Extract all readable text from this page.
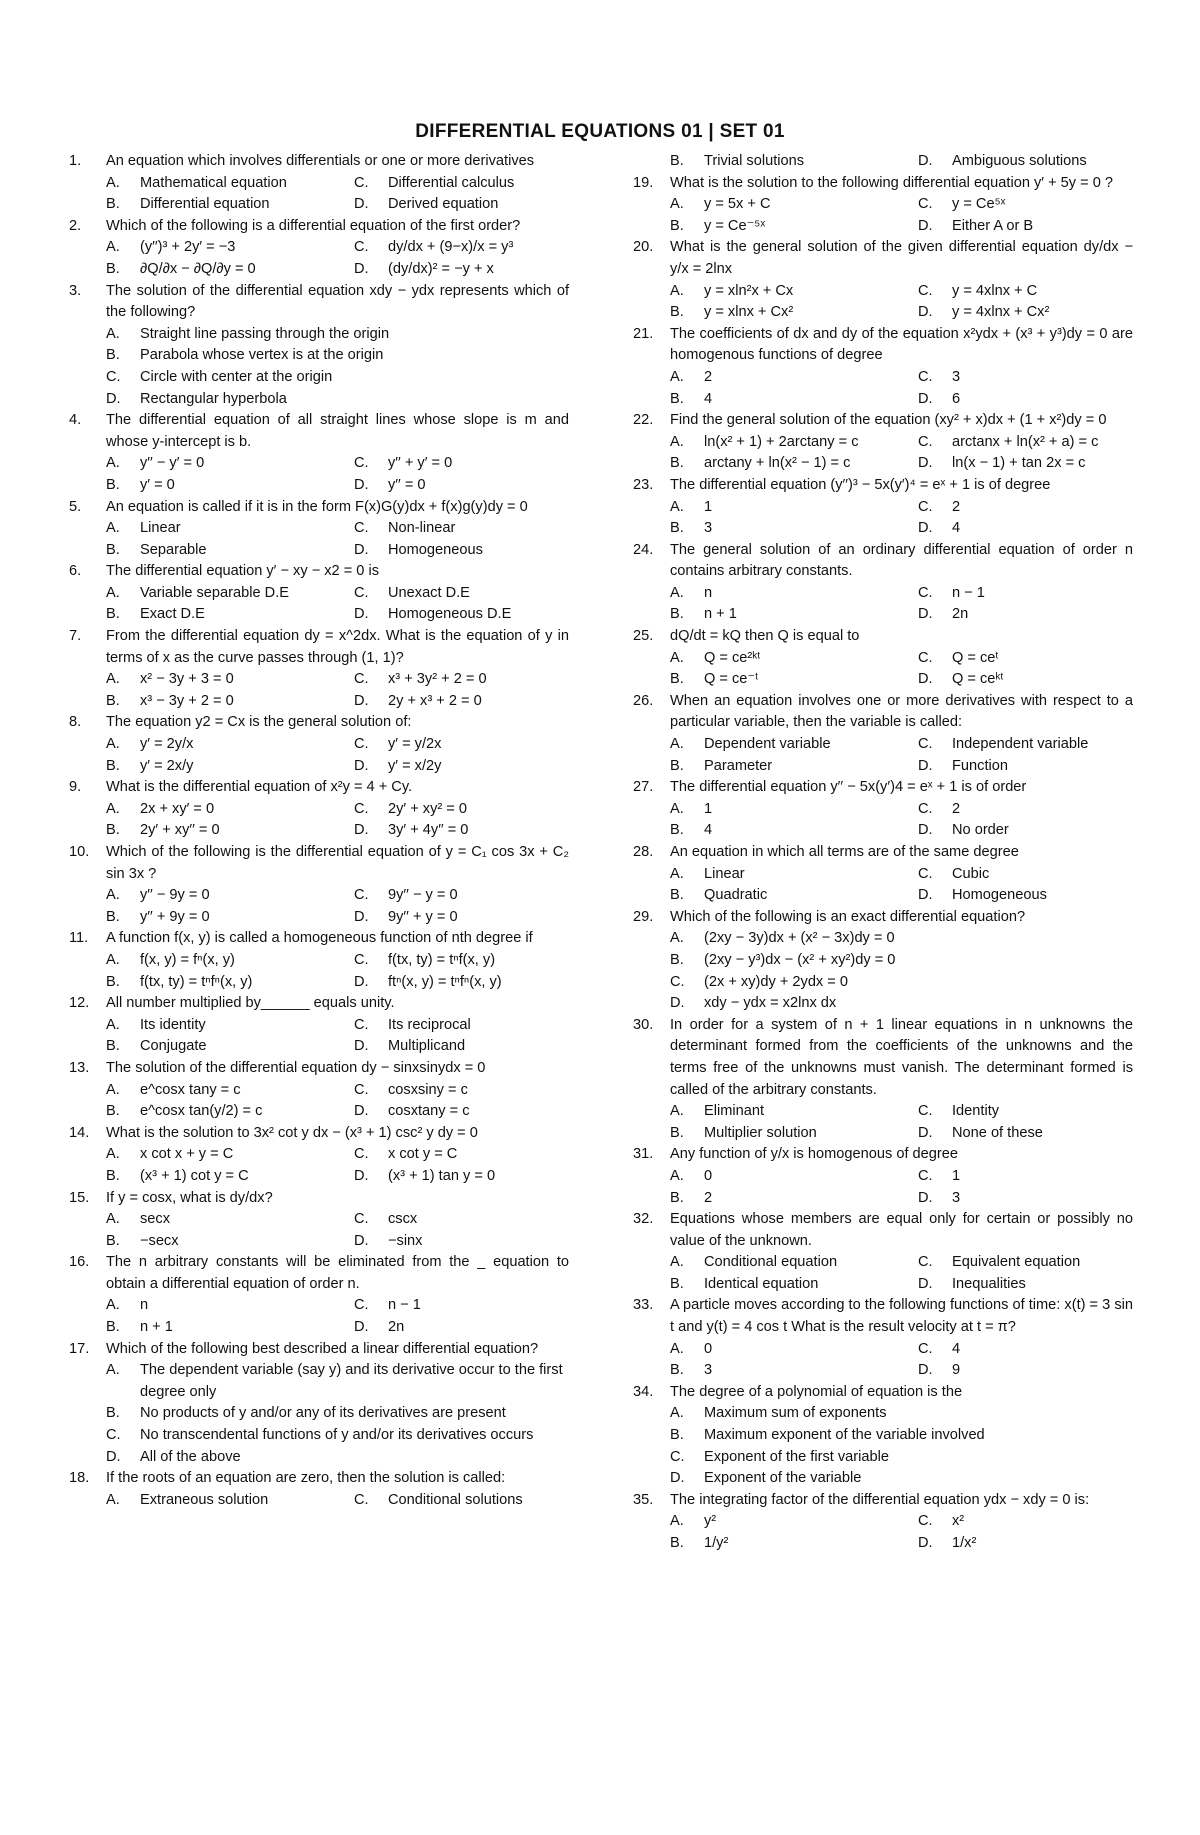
DIFFERENTIAL EQUATIONS 01 | SET 01
1.	An equation which involves differentials or one or more derivatives
A.	Mathematical equation	C.	Differential calculus
B.	Differential equation	D.	Derived equation
2.	Which of the following is a differential equation of the first order?
A.	(y′′)³ + 2y′ = −3	C.	dy/dx + (9−x)/x = y³
B.	∂Q/∂x − ∂Q/∂y = 0	D.	(dy/dx)² = −y + x
3.	The solution of the differential equation xdy − ydx represents which of the following?
A.	Straight line passing through the origin
B.	Parabola whose vertex is at the origin
C.	Circle with center at the origin
D.	Rectangular hyperbola
4.	The differential equation of all straight lines whose slope is m and whose y-intercept is b.
A.	y′′ − y′ = 0	C.	y′′ + y′ = 0
B.	y′ = 0	D.	y′′ = 0
5.	An equation is called if it is in the form F(x)G(y)dx + f(x)g(y)dy = 0
A.	Linear	C.	Non-linear
B.	Separable	D.	Homogeneous
6.	The differential equation y′ − xy − x2 = 0 is
A.	Variable separable D.E	C.	Unexact D.E
B.	Exact D.E	D.	Homogeneous D.E
7.	From the differential equation dy = x^2dx. What is the equation of y in terms of x as the curve passes through (1, 1)?
A.	x² − 3y + 3 = 0	C.	x³ + 3y² + 2 = 0
B.	x³ − 3y + 2 = 0	D.	2y + x³ + 2 = 0
8.	The equation y2 = Cx is the general solution of:
A.	y′ = 2y/x	C.	y′ = y/2x
B.	y′ = 2x/y	D.	y′ = x/2y
9.	What is the differential equation of x²y = 4 + Cy.
A.	2x + xy′ = 0	C.	2y′ + xy² = 0
B.	2y′ + xy′′ = 0	D.	3y′ + 4y′′ = 0
10.	Which of the following is the differential equation of y = C₁ cos 3x + C₂ sin 3x ?
A.	y′′ − 9y = 0	C.	9y′′ − y = 0
B.	y′′ + 9y = 0	D.	9y′′ + y = 0
11.	A function f(x, y) is called a homogeneous function of nth degree if
A.	f(x, y) = fⁿ(x, y)	C.	f(tx, ty) = tⁿf(x, y)
B.	f(tx, ty) = tⁿfⁿ(x, y)	D.	ftⁿ(x, y) = tⁿfⁿ(x, y)
12.	All number multiplied by______ equals unity.
A.	Its identity	C.	Its reciprocal
B.	Conjugate	D.	Multiplicand
13.	The solution of the differential equation dy − sinxsinydx = 0
A.	e^cosx tany = c	C.	cosxsiny = c
B.	e^cosx tan(y/2) = c	D.	cosxtany = c
14.	What is the solution to 3x² cot y dx − (x³ + 1) csc² y dy = 0
A.	x cot x + y = C	C.	x cot y = C
B.	(x³ + 1) cot y = C	D.	(x³ + 1) tan y = 0
15.	If y = cosx, what is dy/dx?
A.	secx	C.	cscx
B.	−secx	D.	−sinx
16.	The n arbitrary constants will be eliminated from the _ equation to obtain a differential equation of order n.
A.	n	C.	n − 1
B.	n + 1	D.	2n
17.	Which of the following best described a linear differential equation?
A.	The dependent variable (say y) and its derivative occur to the first degree only
B.	No products of y and/or any of its derivatives are present
C.	No transcendental functions of y and/or its derivatives occurs
D.	All of the above
18.	If the roots of an equation are zero, then the solution is called:
A.	Extraneous solution	C.	Conditional solutions
B.	Trivial solutions	D.	Ambiguous solutions
19.	What is the solution to the following differential equation y′ + 5y = 0 ?
A.	y = 5x + C	C.	y = Ce⁵ˣ
B.	y = Ce⁻⁵ˣ	D.	Either A or B
20.	What is the general solution of the given differential equation dy/dx − y/x = 2lnx
A.	y = xln²x + Cx	C.	y = 4xlnx + C
B.	y = xlnx + Cx²	D.	y = 4xlnx + Cx²
21.	The coefficients of dx and dy of the equation x²ydx + (x³ + y³)dy = 0 are homogenous functions of degree
A.	2	C.	3
B.	4	D.	6
22.	Find the general solution of the equation (xy² + x)dx + (1 + x²)dy = 0
A.	ln(x² + 1) + 2arctany = c	C.	arctanx + ln(x² + a) = c
B.	arctany + ln(x² − 1) = c	D.	ln(x − 1) + tan 2x = c
23.	The differential equation (y′′)³ − 5x(y′)⁴ = eˣ + 1 is of degree
A.	1	C.	2
B.	3	D.	4
24.	The general solution of an ordinary differential equation of order n contains arbitrary constants.
A.	n	C.	n − 1
B.	n + 1	D.	2n
25.	dQ/dt = kQ then Q is equal to
A.	Q = ce²ᵏᵗ	C.	Q = ceᵗ
B.	Q = ce⁻ᵗ	D.	Q = ceᵏᵗ
26.	When an equation involves one or more derivatives with respect to a particular variable, then the variable is called:
A.	Dependent variable	C.	Independent variable
B.	Parameter	D.	Function
27.	The differential equation y′′ − 5x(y′)4 = eˣ + 1 is of order
A.	1	C.	2
B.	4	D.	No order
28.	An equation in which all terms are of the same degree
A.	Linear	C.	Cubic
B.	Quadratic	D.	Homogeneous
29.	Which of the following is an exact differential equation?
A.	(2xy − 3y)dx + (x² − 3x)dy = 0
B.	(2xy − y³)dx − (x² + xy²)dy = 0
C.	(2x + xy)dy + 2ydx = 0
D.	xdy − ydx = x2lnx dx
30.	In order for a system of n + 1 linear equations in n unknowns the determinant formed from the coefficients of the unknowns and the terms free of the unknowns must vanish. The determinant formed is called of the arbitrary constants.
A.	Eliminant	C.	Identity
B.	Multiplier solution	D.	None of these
31.	Any function of y/x is homogenous of degree
A.	0	C.	1
B.	2	D.	3
32.	Equations whose members are equal only for certain or possibly no value of the unknown.
A.	Conditional equation	C.	Equivalent equation
B.	Identical equation	D.	Inequalities
33.	A particle moves according to the following functions of time: x(t) = 3 sin t and y(t) = 4 cos t What is the result velocity at t = π?
A.	0	C.	4
B.	3	D.	9
34.	The degree of a polynomial of equation is the
A.	Maximum sum of exponents
B.	Maximum exponent of the variable involved
C.	Exponent of the first variable
D.	Exponent of the variable
35.	The integrating factor of the differential equation ydx − xdy = 0 is:
A.	y²	C.	x²
B.	1/y²	D.	1/x²
